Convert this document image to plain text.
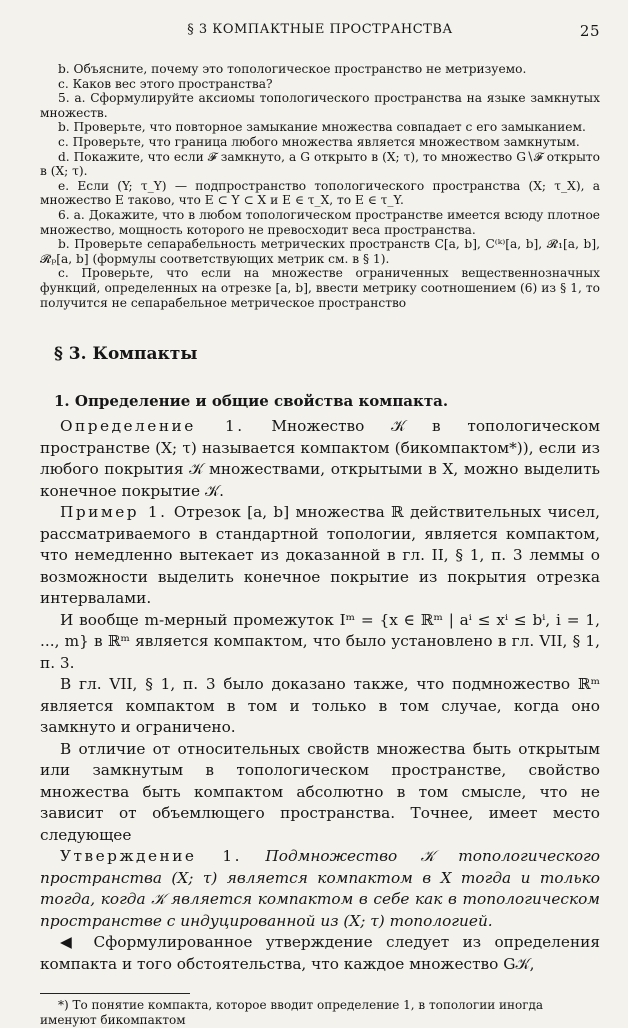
§ 3 КОМПАКТНЫЕ ПРОСТРАНСТВА	25

b. Объясните, почему это топологическое пространство не метризуемо.

c. Каков вес этого пространства?

5. a. Сформулируйте аксиомы топологического пространства на языке замкнутых множеств.

b. Проверьте, что повторное замыкание множества совпадает с его замыканием.

c. Проверьте, что граница любого множества является множеством замкнутым.

d. Покажите, что если 𝓕 замкнуто, а G открыто в (X; τ), то множество G∖𝓕 открыто в (X; τ).

e. Если (Y; τ_Y) — подпространство топологического пространства (X; τ_X), а множество E таково, что E ⊂ Y ⊂ X и E ∈ τ_X, то E ∈ τ_Y.

6. a. Докажите, что в любом топологическом пространстве имеется всюду плотное множество, мощность которого не превосходит веса пространства.

b. Проверьте сепарабельность метрических пространств C[a, b], C⁽ᵏ⁾[a, b], 𝓡₁[a, b], 𝓡ₚ[a, b] (формулы соответствующих метрик см. в § 1).

c. Проверьте, что если на множестве ограниченных вещественнозначных функций, определенных на отрезке [a, b], ввести метрику соотношением (6) из § 1, то получится не сепарабельное метрическое пространство

§ 3. Компакты
1. Определение и общие свойства компакта.

Определение 1. Множество 𝒦 в топологическом пространстве (X; τ) называется компактом (бикомпактом*)), если из любого покрытия 𝒦 множествами, открытыми в X, можно выделить конечное покрытие 𝒦.

Пример 1. Отрезок [a, b] множества ℝ действительных чисел, рассматриваемого в стандартной топологии, является компактом, что немедленно вытекает из доказанной в гл. II, § 1, п. 3 леммы о возможности выделить конечное покрытие из покрытия отрезка интервалами.

И вообще m-мерный промежуток Iᵐ = {x ∈ ℝᵐ | aⁱ ≤ xⁱ ≤ bⁱ, i = 1, ..., m} в ℝᵐ является компактом, что было установлено в гл. VII, § 1, п. 3.

В гл. VII, § 1, п. 3 было доказано также, что подмножество ℝᵐ является компактом в том и только в том случае, когда оно замкнуто и ограничено.

В отличие от относительных свойств множества быть открытым или замкнутым в топологическом пространстве, свойство множества быть компактом абсолютно в том смысле, что не зависит от объемлющего пространства. Точнее, имеет место следующее

Утверждение 1. Подмножество 𝒦 топологического пространства (X; τ) является компактом в X тогда и только тогда, когда 𝒦 является компактом в себе как в топологическом пространстве с индуцированной из (X; τ) топологией.

◀ Сформулированное утверждение следует из определения компакта и того обстоятельства, что каждое множество G𝒦,

*) То понятие компакта, которое вводит определение 1, в топологии иногда именуют бикомпактом
